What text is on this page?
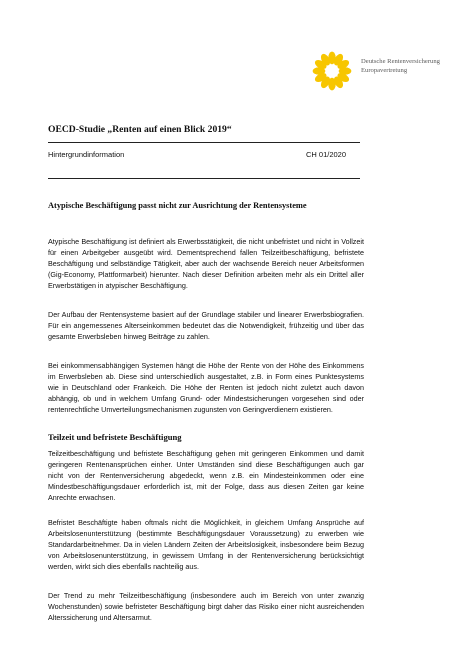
Deutsche Rentenversicherung
Europavertretung
OECD-Studie „Renten auf einen Blick 2019“
Hintergrundinformation	CH 01/2020
Atypische Beschäftigung passt nicht zur Ausrichtung der Rentensysteme

Atypische Beschäftigung ist definiert als Erwerbsstätigkeit, die nicht unbefristet und nicht in Vollzeit für einen Arbeitgeber ausgeübt wird. Dementsprechend fallen Teilzeitbeschäftigung, befristete Beschäftigung und selbständige Tätigkeit, aber auch der wachsende Bereich neuer Arbeitsformen (Gig-Economy, Plattformarbeit) hierunter. Nach dieser Definition arbeiten mehr als ein Drittel aller Erwerbstätigen in atypischer Beschäftigung.

Der Aufbau der Rentensysteme basiert auf der Grundlage stabiler und linearer Erwerbsbiografien. Für ein angemessenes Alterseinkommen bedeutet das die Notwendigkeit, frühzeitig und über das gesamte Erwerbsleben hinweg Beiträge zu zahlen.

Bei einkommensabhängigen Systemen hängt die Höhe der Rente von der Höhe des Einkommens im Erwerbsleben ab. Diese sind unterschiedlich ausgestaltet, z.B. in Form eines Punktesystems wie in Deutschland oder Frankeich. Die Höhe der Renten ist jedoch nicht zuletzt auch davon abhängig, ob und in welchem Umfang Grund- oder Mindestsicherungen vorgesehen sind oder rentenrechtliche Umverteilungsmechanismen zugunsten von Geringverdienern existieren.

Teilzeit und befristete Beschäftigung

Teilzeitbeschäftigung und befristete Beschäftigung gehen mit geringeren Einkommen und damit geringeren Rentenansprüchen einher. Unter Umständen sind diese Beschäftigungen auch gar nicht von der Rentenversicherung abgedeckt, wenn z.B. ein Mindesteinkommen oder eine Mindestbeschäftigungsdauer erforderlich ist, mit der Folge, dass aus diesen Zeiten gar keine Anrechte erwachsen.

Befristet Beschäftigte haben oftmals nicht die Möglichkeit, in gleichem Umfang Ansprüche auf Arbeitslosenunterstützung (bestimmte Beschäftigungsdauer Voraussetzung) zu erwerben wie Standardarbeitnehmer. Da in vielen Ländern Zeiten der Arbeitslosigkeit, insbesondere beim Bezug von Arbeitslosenunterstützung, in gewissem Umfang in der Rentenversicherung berücksichtigt werden, wirkt sich dies ebenfalls nachteilig aus.

Der Trend zu mehr Teilzeitbeschäftigung (insbesondere auch im Bereich von unter zwanzig Wochenstunden) sowie befristeter Beschäftigung birgt daher das Risiko einer nicht ausreichenden Alterssicherung und Altersarmut.
